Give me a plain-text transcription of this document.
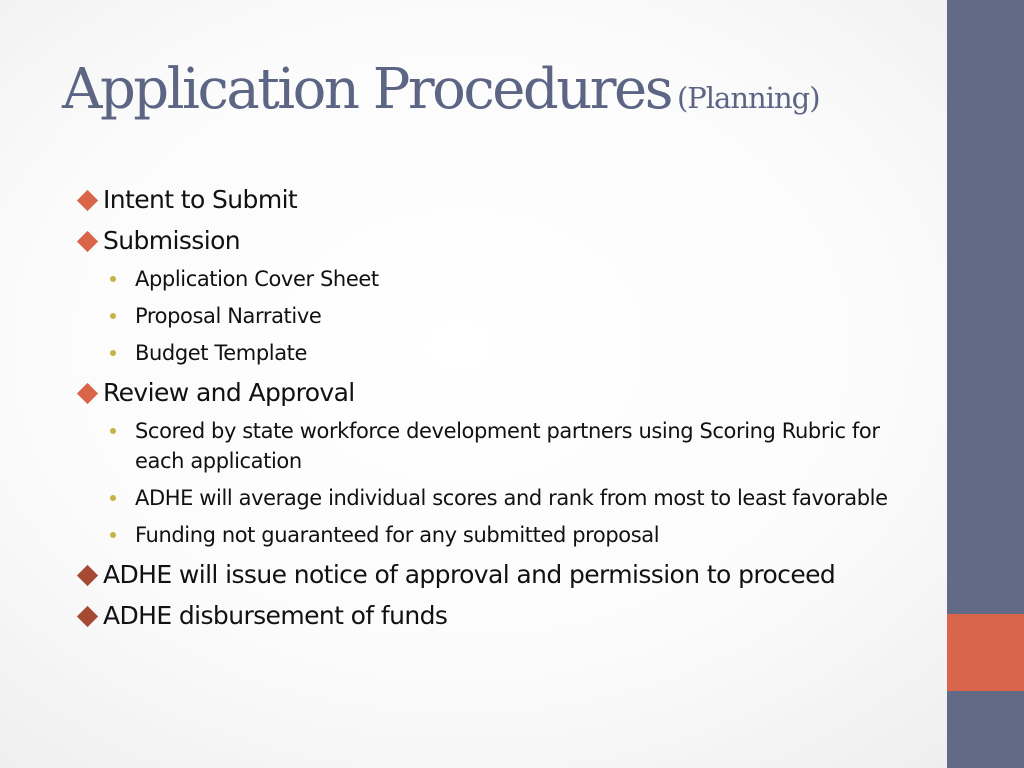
Application Procedures (Planning)
Intent to Submit
Submission
Application Cover Sheet
Proposal Narrative
Budget Template
Review and Approval
Scored by state workforce development partners using Scoring Rubric for each application
ADHE will average individual scores and rank from most to least favorable
Funding not guaranteed for any submitted proposal
ADHE will issue notice of approval and permission to proceed
ADHE disbursement of funds
